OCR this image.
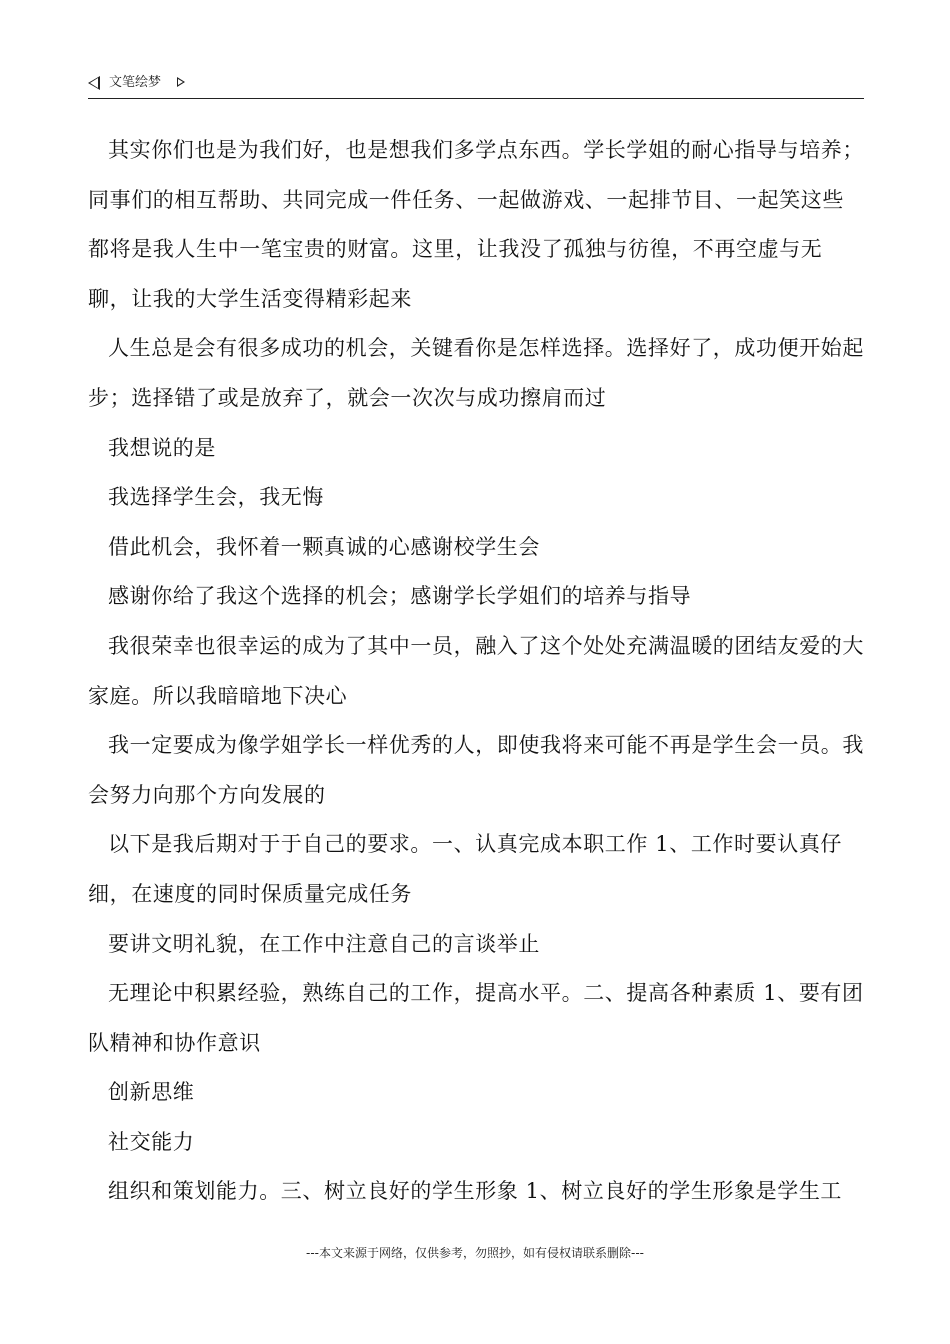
文笔绘梦

其实你们也是为我们好，也是想我们多学点东西。学长学姐的耐心指导与培养；同事们的相互帮助、共同完成一件任务、一起做游戏、一起排节目、一起笑这些都将是我人生中一笔宝贵的财富。这里，让我没了孤独与彷徨，不再空虚与无聊，让我的大学生活变得精彩起来

人生总是会有很多成功的机会，关键看你是怎样选择。选择好了，成功便开始起步；选择错了或是放弃了，就会一次次与成功擦肩而过

我想说的是

我选择学生会，我无悔

借此机会，我怀着一颗真诚的心感谢校学生会

感谢你给了我这个选择的机会；感谢学长学姐们的培养与指导

我很荣幸也很幸运的成为了其中一员，融入了这个处处充满温暖的团结友爱的大家庭。所以我暗暗地下决心

我一定要成为像学姐学长一样优秀的人，即使我将来可能不再是学生会一员。我会努力向那个方向发展的

以下是我后期对于于自己的要求。一、认真完成本职工作 1、工作时要认真仔细，在速度的同时保质量完成任务

要讲文明礼貌，在工作中注意自己的言谈举止

无理论中积累经验，熟练自己的工作，提高水平。二、提高各种素质 1、要有团队精神和协作意识

创新思维

社交能力

组织和策划能力。三、树立良好的学生形象 1、树立良好的学生形象是学生工

---本文来源于网络，仅供参考，勿照抄，如有侵权请联系删除---
